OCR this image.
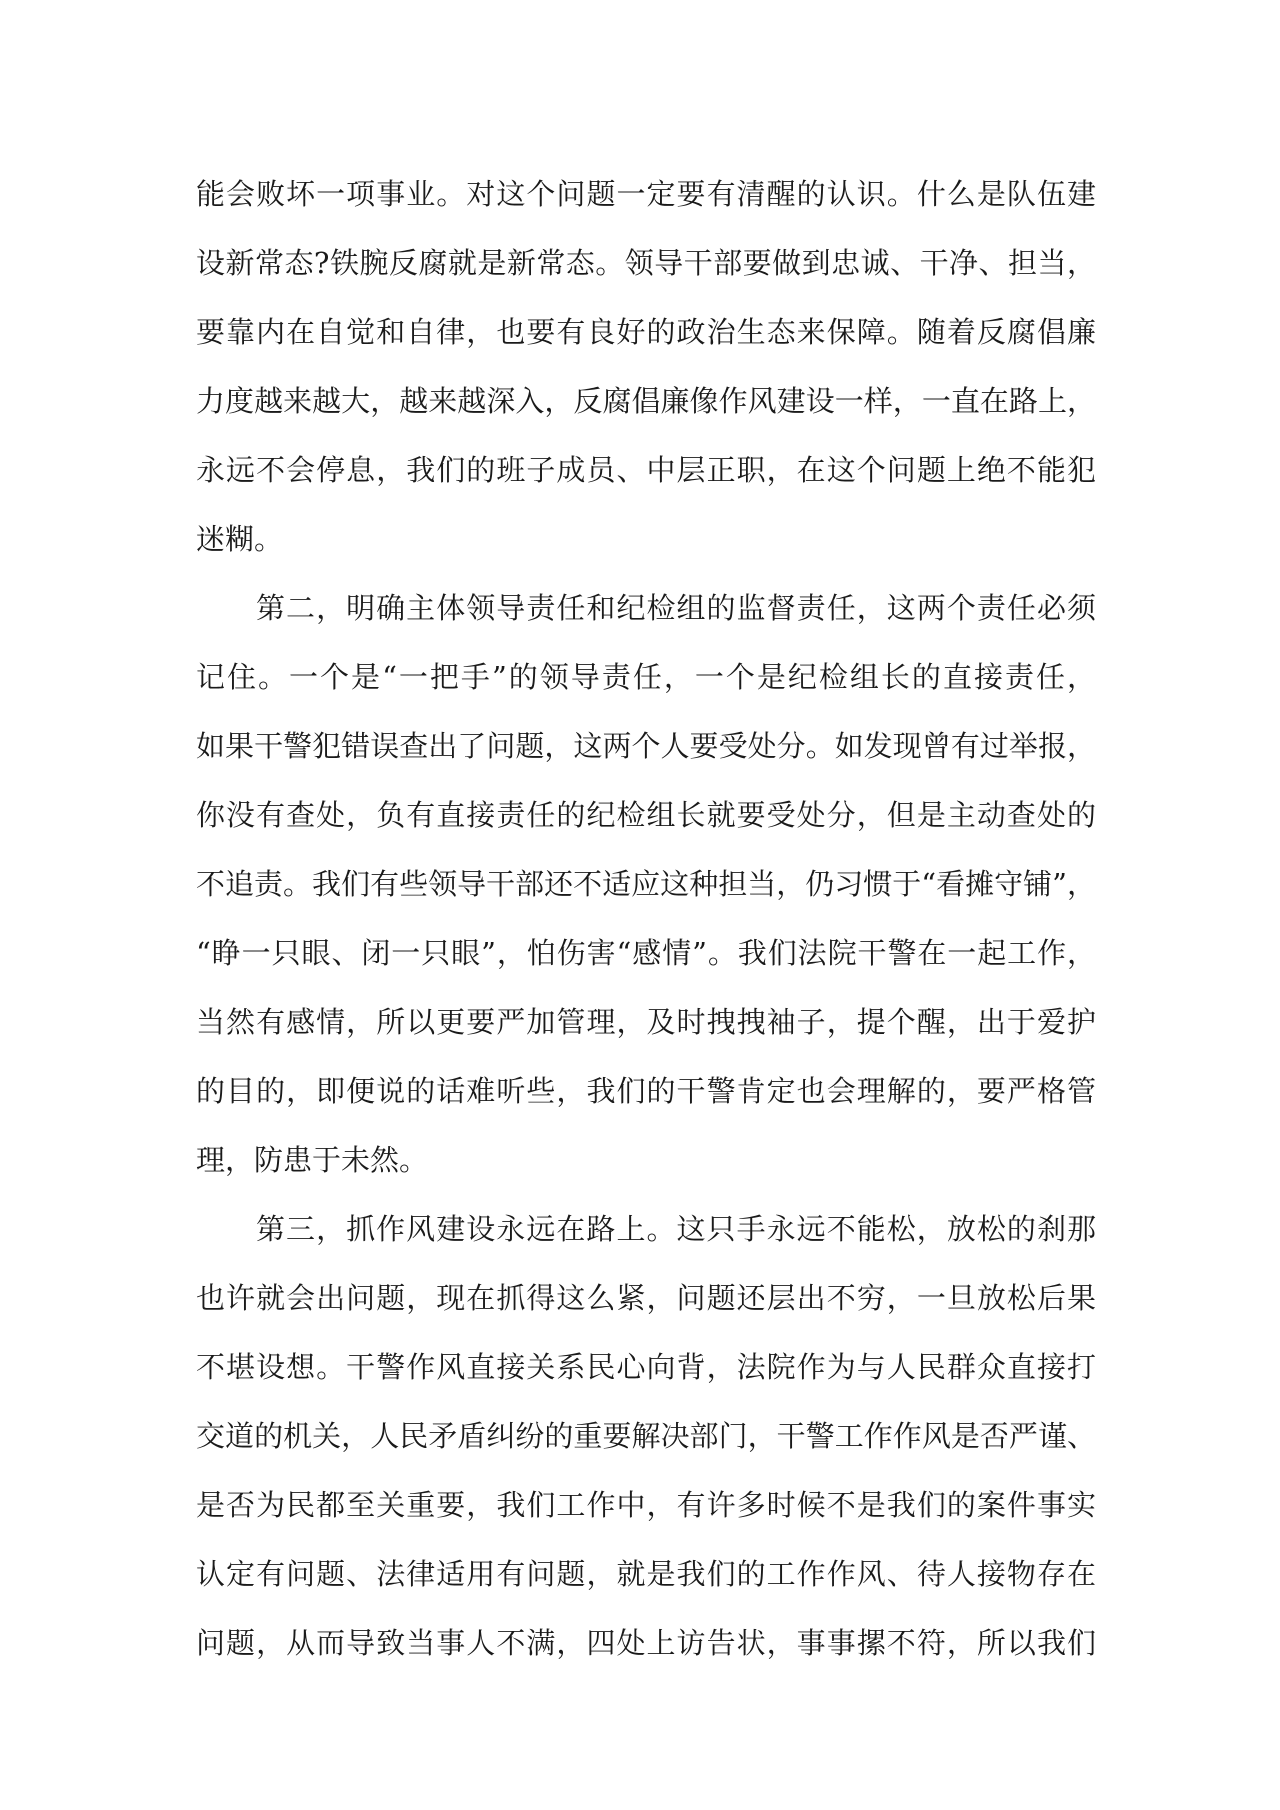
能会败坏一项事业。对这个问题一定要有清醒的认识。什么是队伍建
设新常态?铁腕反腐就是新常态。领导干部要做到忠诚、干净、担当，
要靠内在自觉和自律，也要有良好的政治生态来保障。随着反腐倡廉
力度越来越大，越来越深入，反腐倡廉像作风建设一样，一直在路上，
永远不会停息，我们的班子成员、中层正职，在这个问题上绝不能犯
迷糊。
第二，明确主体领导责任和纪检组的监督责任，这两个责任必须
记住。一个是“一把手”的领导责任，一个是纪检组长的直接责任，
如果干警犯错误查出了问题，这两个人要受处分。如发现曾有过举报，
你没有查处，负有直接责任的纪检组长就要受处分，但是主动查处的
不追责。我们有些领导干部还不适应这种担当，仍习惯于“看摊守铺”，
“睁一只眼、闭一只眼”，怕伤害“感情”。我们法院干警在一起工作，
当然有感情，所以更要严加管理，及时拽拽袖子，提个醒，出于爱护
的目的，即便说的话难听些，我们的干警肯定也会理解的，要严格管
理，防患于未然。
第三，抓作风建设永远在路上。这只手永远不能松，放松的刹那
也许就会出问题，现在抓得这么紧，问题还层出不穷，一旦放松后果
不堪设想。干警作风直接关系民心向背，法院作为与人民群众直接打
交道的机关，人民矛盾纠纷的重要解决部门，干警工作作风是否严谨、
是否为民都至关重要，我们工作中，有许多时候不是我们的案件事实
认定有问题、法律适用有问题，就是我们的工作作风、待人接物存在
问题，从而导致当事人不满，四处上访告状，事事摞不符，所以我们
